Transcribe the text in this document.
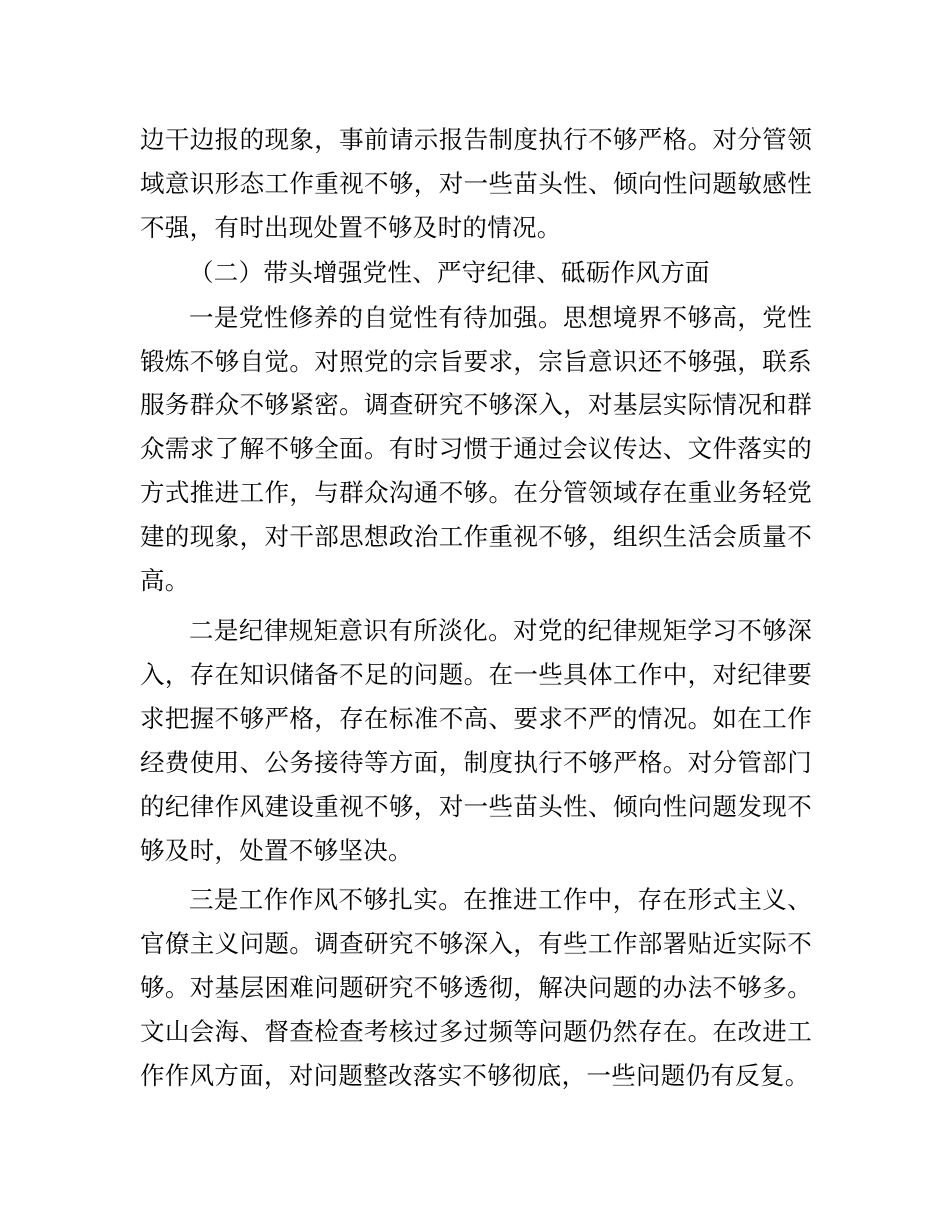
边干边报的现象，事前请示报告制度执行不够严格。对分管领域意识形态工作重视不够，对一些苗头性、倾向性问题敏感性不强，有时出现处置不够及时的情况。

（二）带头增强党性、严守纪律、砥砺作风方面

一是党性修养的自觉性有待加强。思想境界不够高，党性锻炼不够自觉。对照党的宗旨要求，宗旨意识还不够强，联系服务群众不够紧密。调查研究不够深入，对基层实际情况和群众需求了解不够全面。有时习惯于通过会议传达、文件落实的方式推进工作，与群众沟通不够。在分管领域存在重业务轻党建的现象，对干部思想政治工作重视不够，组织生活会质量不高。

二是纪律规矩意识有所淡化。对党的纪律规矩学习不够深入，存在知识储备不足的问题。在一些具体工作中，对纪律要求把握不够严格，存在标准不高、要求不严的情况。如在工作经费使用、公务接待等方面，制度执行不够严格。对分管部门的纪律作风建设重视不够，对一些苗头性、倾向性问题发现不够及时，处置不够坚决。

三是工作作风不够扎实。在推进工作中，存在形式主义、官僚主义问题。调查研究不够深入，有些工作部署贴近实际不够。对基层困难问题研究不够透彻，解决问题的办法不够多。文山会海、督查检查考核过多过频等问题仍然存在。在改进工作作风方面，对问题整改落实不够彻底，一些问题仍有反复。
